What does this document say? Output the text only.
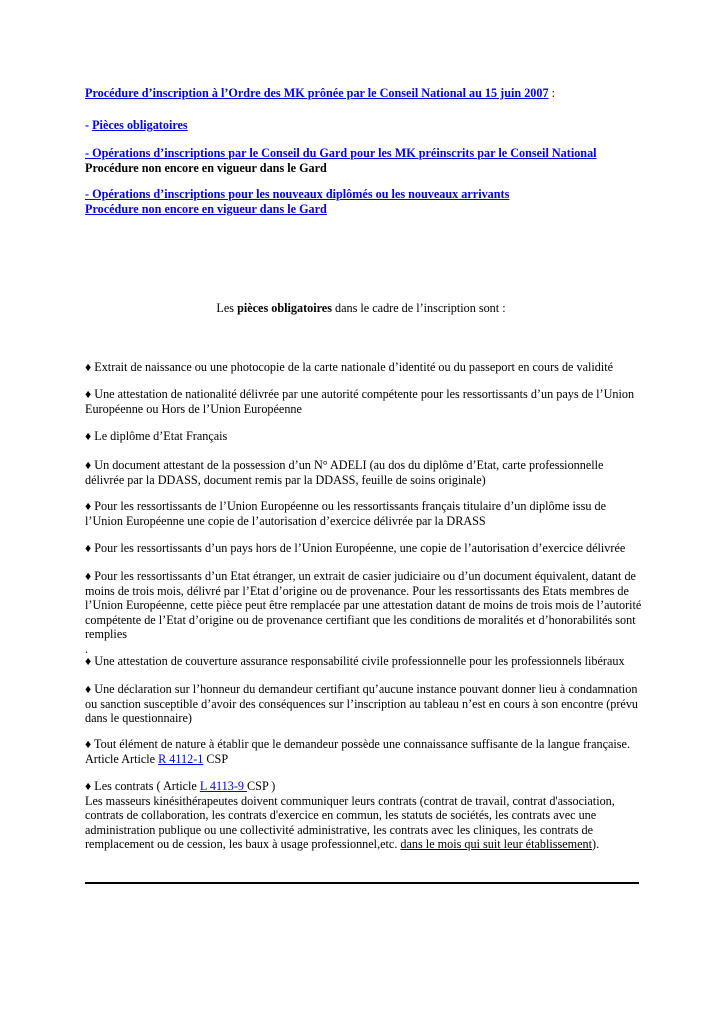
Procédure d’inscription à l’Ordre des MK prônée par le Conseil National au 15 juin 2007 :

- Pièces obligatoires

- Opérations d’inscriptions par le Conseil du Gard pour les MK préinscrits par le Conseil National
Procédure non encore en vigueur dans le Gard

- Opérations d’inscriptions pour les nouveaux diplômés ou les nouveaux arrivants
Procédure non encore en vigueur dans le Gard

Les pièces obligatoires dans le cadre de l’inscription sont :

♦ Extrait de naissance ou une photocopie de la carte nationale d’identité ou du passeport en cours de validité

♦ Une attestation de nationalité délivrée par une autorité compétente pour les ressortissants d’un pays de l’Union Européenne ou Hors de l’Union Européenne

♦ Le diplôme d’Etat Français

♦ Un document attestant de la possession d’un N° ADELI (au dos du diplôme d’Etat, carte professionnelle délivrée par la DDASS, document remis par la DDASS, feuille de soins originale)

♦ Pour les ressortissants de l’Union Européenne ou les ressortissants français titulaire d’un diplôme issu de l’Union Européenne une copie de l’autorisation d’exercice délivrée par la DRASS

♦ Pour les ressortissants d’un pays hors de l’Union Européenne, une copie de l’autorisation d’exercice délivrée

♦ Pour les ressortissants d’un Etat étranger, un extrait de casier judiciaire ou d’un document équivalent, datant de moins de trois mois, délivré par l’Etat d’origine ou de provenance. Pour les ressortissants des Etats membres de l’Union Européenne, cette pièce peut être remplacée par une attestation datant de moins de trois mois de l’autorité compétente de l’Etat d’origine ou de provenance certifiant que les conditions de moralités et d’honorabilités sont remplies
.

♦ Une attestation de couverture assurance responsabilité civile professionnelle pour les professionnels libéraux

♦ Une déclaration sur l’honneur du demandeur certifiant qu’aucune instance pouvant donner lieu à condamnation ou sanction susceptible d’avoir des conséquences sur l’inscription au tableau n’est en cours à son encontre (prévu dans le questionnaire)

♦ Tout élément de nature à établir que le demandeur possède une connaissance suffisante de la langue française.
Article Article R 4112-1 CSP

♦ Les contrats ( Article L 4113-9 CSP )
Les masseurs kinésithérapeutes doivent communiquer leurs contrats (contrat de travail, contrat d'association, contrats de collaboration, les contrats d'exercice en commun, les statuts de sociétés, les contrats avec une administration publique ou une collectivité administrative, les contrats avec les cliniques, les contrats de remplacement ou de cession, les baux à usage professionnel,etc. dans le mois qui suit leur établissement).
